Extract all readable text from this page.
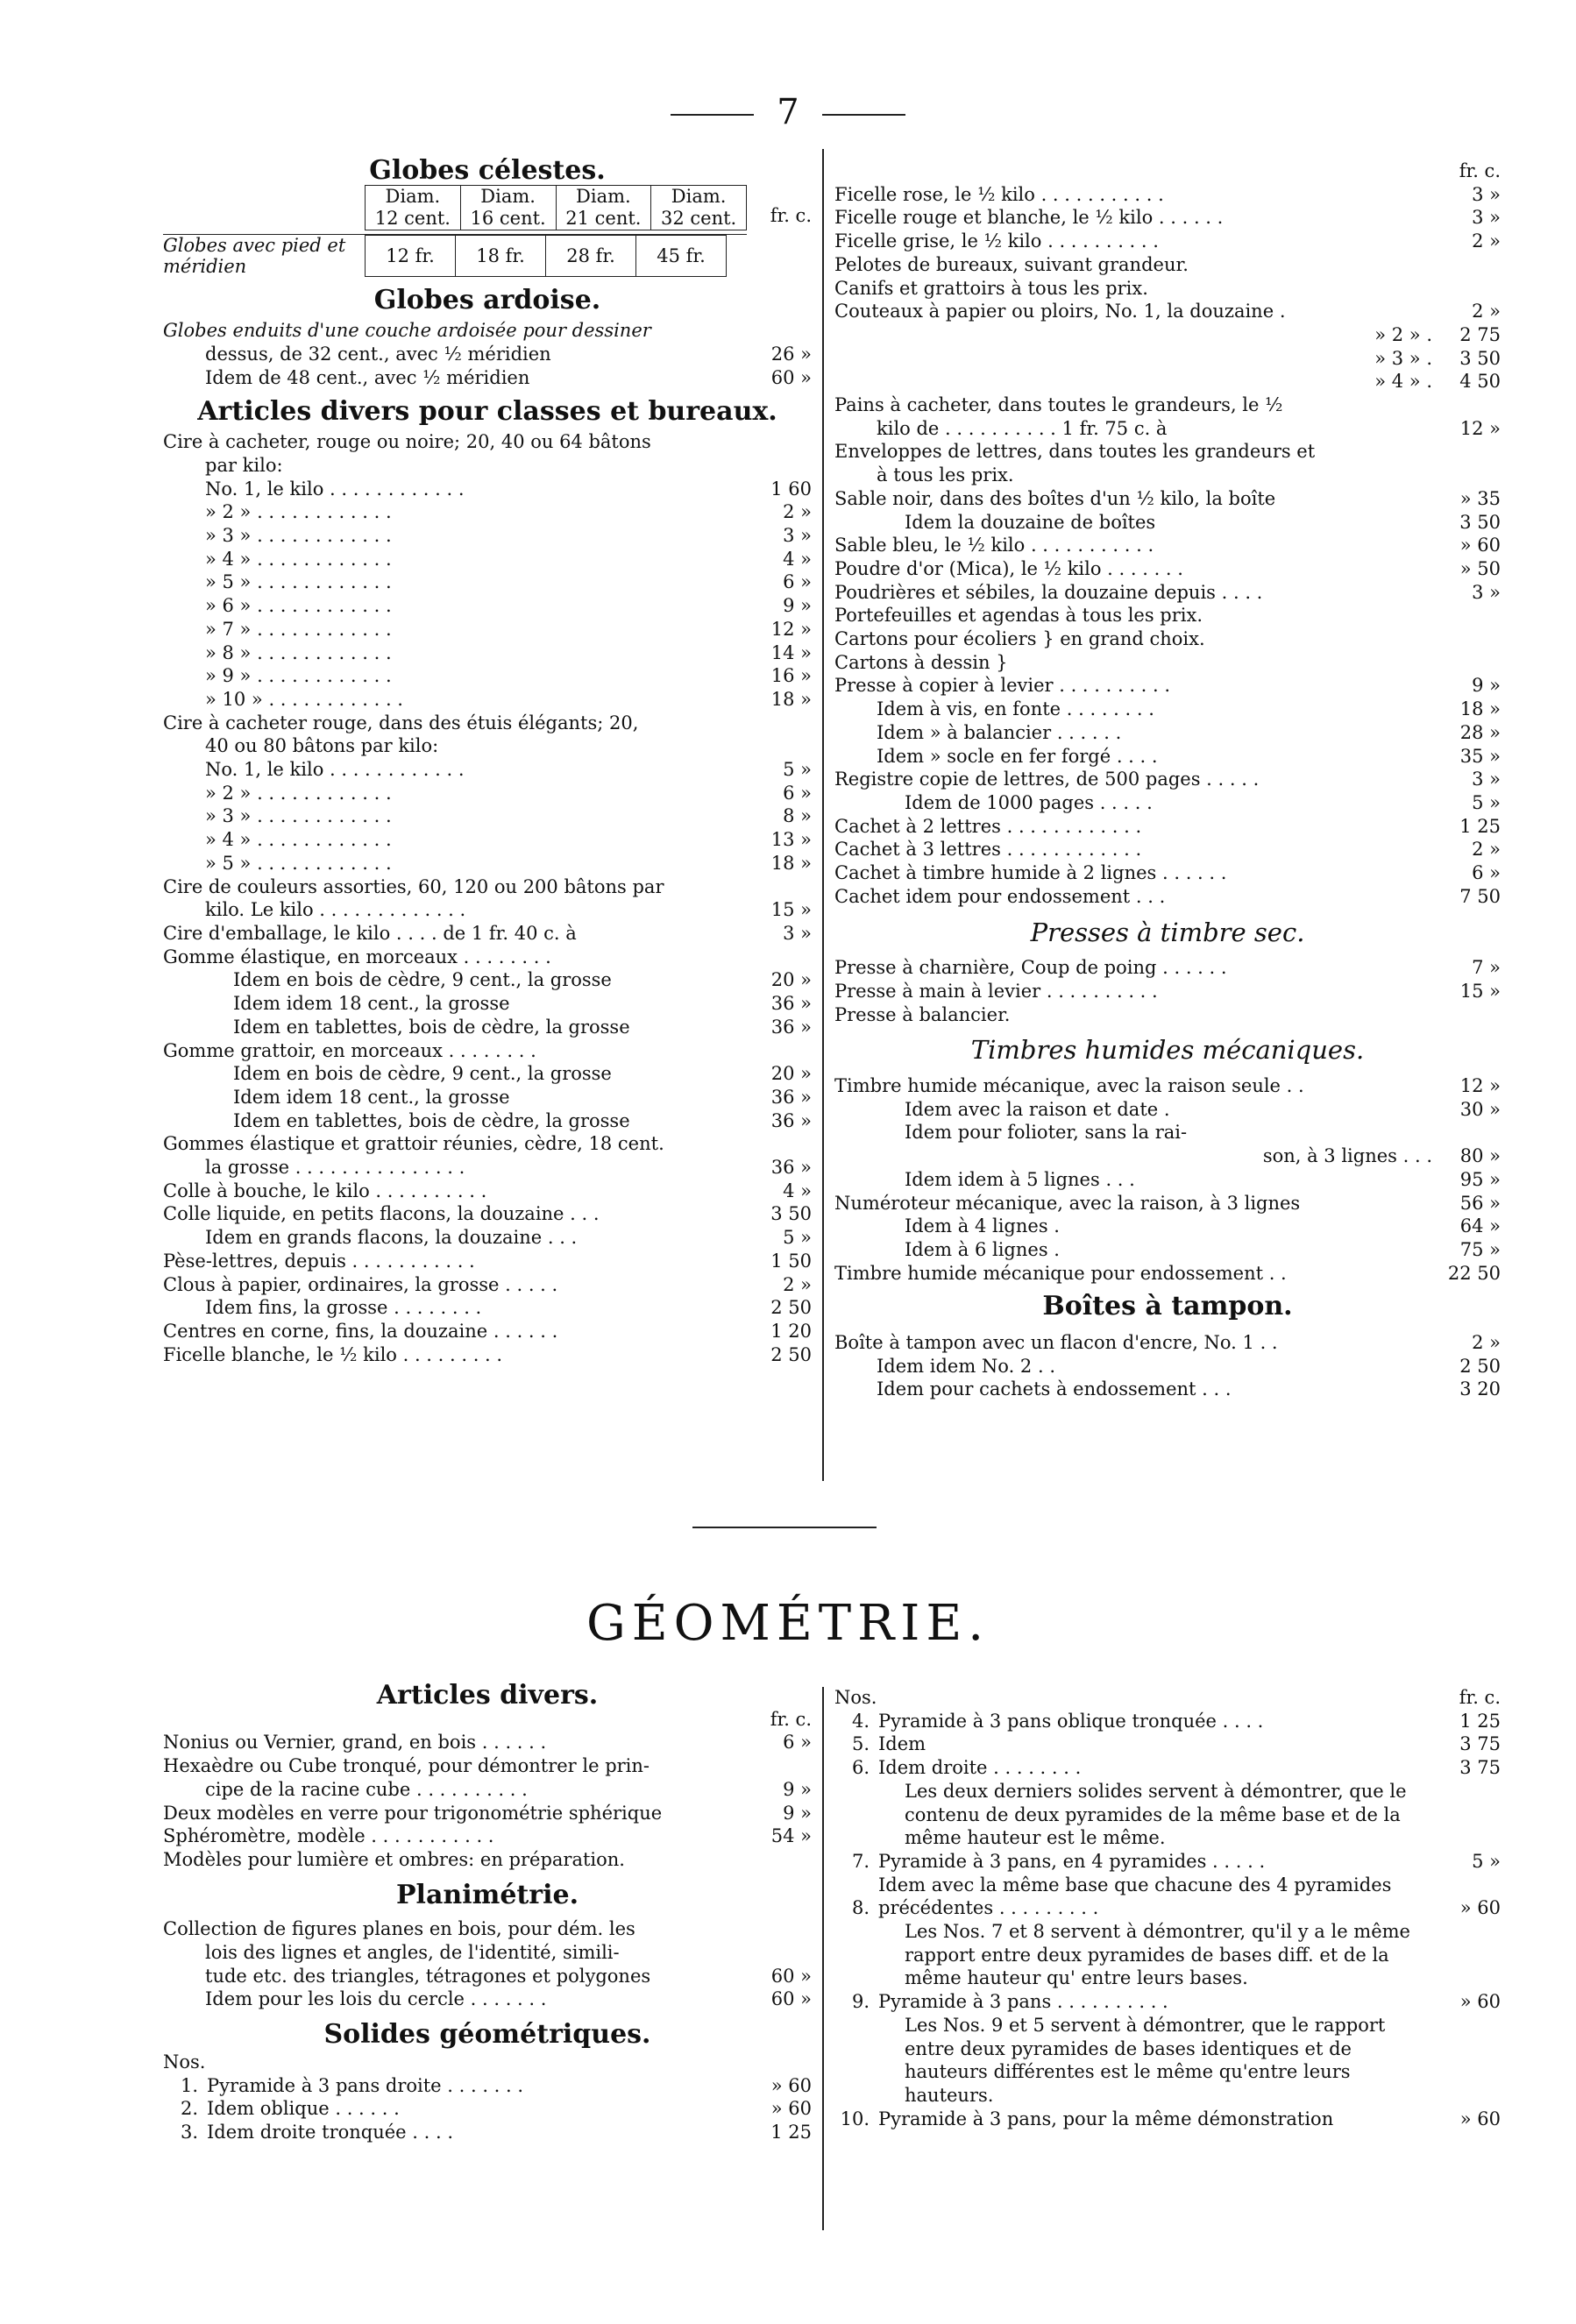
7
Globes célestes.
Diam. 12 cent.	Diam. 16 cent.	Diam. 21 cent.	Diam. 32 cent.
Globes avec pied et méridien	12 fr.	18 fr.	28 fr.	45 fr.
fr. c.
Globes ardoise.
Globes enduits d'une couche ardoisée pour dessiner
dessus, de 32 cent., avec ½ méridien	26 »
Idem de 48 cent., avec ½ méridien	60 »
Articles divers pour classes et bureaux.
Cire à cacheter, rouge ou noire; 20, 40 ou 64 bâtons
par kilo:
No. 1, le kilo . . . . . . . . . . . .	1 60
» 2 » . . . . . . . . . . . .	2 »
» 3 » . . . . . . . . . . . .	3 »
» 4 » . . . . . . . . . . . .	4 »
» 5 » . . . . . . . . . . . .	6 »
» 6 » . . . . . . . . . . . .	9 »
» 7 » . . . . . . . . . . . .	12 »
» 8 » . . . . . . . . . . . .	14 »
» 9 » . . . . . . . . . . . .	16 »
» 10 » . . . . . . . . . . . .	18 »
Cire à cacheter rouge, dans des étuis élégants; 20,
40 ou 80 bâtons par kilo:
No. 1, le kilo . . . . . . . . . . . .	5 »
» 2 » . . . . . . . . . . . .	6 »
» 3 » . . . . . . . . . . . .	8 »
» 4 » . . . . . . . . . . . .	13 »
» 5 » . . . . . . . . . . . .	18 »
Cire de couleurs assorties, 60, 120 ou 200 bâtons par
kilo. Le kilo . . . . . . . . . . . . .	15 »
Cire d'emballage, le kilo . . . . de 1 fr. 40 c. à	3 »
Gomme élastique, en morceaux . . . . . . . .
Idem en bois de cèdre, 9 cent., la grosse	20 »
Idem idem 18 cent., la grosse	36 »
Idem en tablettes, bois de cèdre, la grosse	36 »
Gomme grattoir, en morceaux . . . . . . . .
Idem en bois de cèdre, 9 cent., la grosse	20 »
Idem idem 18 cent., la grosse	36 »
Idem en tablettes, bois de cèdre, la grosse	36 »
Gommes élastique et grattoir réunies, cèdre, 18 cent.
la grosse . . . . . . . . . . . . . . .	36 »
Colle à bouche, le kilo . . . . . . . . . .	4 »
Colle liquide, en petits flacons, la douzaine . . .	3 50
Idem en grands flacons, la douzaine . . .	5 »
Pèse-lettres, depuis . . . . . . . . . . .	1 50
Clous à papier, ordinaires, la grosse . . . . .	2 »
Idem fins, la grosse . . . . . . . .	2 50
Centres en corne, fins, la douzaine . . . . . .	1 20
Ficelle blanche, le ½ kilo . . . . . . . . .	2 50
fr. c.
Ficelle rose, le ½ kilo . . . . . . . . . . .	3 »
Ficelle rouge et blanche, le ½ kilo . . . . . .	3 »
Ficelle grise, le ½ kilo . . . . . . . . . .	2 »
Pelotes de bureaux, suivant grandeur.
Canifs et grattoirs à tous les prix.
Couteaux à papier ou ploirs, No. 1, la douzaine .	2 »
» 2 » .	2 75
» 3 » .	3 50
» 4 » .	4 50
Pains à cacheter, dans toutes le grandeurs, le ½
kilo de . . . . . . . . . . 1 fr. 75 c. à	12 »
Enveloppes de lettres, dans toutes les grandeurs et
à tous les prix.
Sable noir, dans des boîtes d'un ½ kilo, la boîte	» 35
Idem la douzaine de boîtes	3 50
Sable bleu, le ½ kilo . . . . . . . . . . .	» 60
Poudre d'or (Mica), le ½ kilo . . . . . . .	» 50
Poudrières et sébiles, la douzaine depuis . . . .	3 »
Portefeuilles et agendas à tous les prix.
Cartons pour écoliers } en grand choix.
Cartons à dessin }
Presse à copier à levier . . . . . . . . . .	9 »
Idem à vis, en fonte . . . . . . . .	18 »
Idem » à balancier . . . . . .	28 »
Idem » socle en fer forgé . . . .	35 »
Registre copie de lettres, de 500 pages . . . . .	3 »
Idem de 1000 pages . . . . .	5 »
Cachet à 2 lettres . . . . . . . . . . . .	1 25
Cachet à 3 lettres . . . . . . . . . . . .	2 »
Cachet à timbre humide à 2 lignes . . . . . .	6 »
Cachet idem pour endossement . . .	7 50
Presses à timbre sec.
Presse à charnière, Coup de poing . . . . . .	7 »
Presse à main à levier . . . . . . . . . .	15 »
Presse à balancier.
Timbres humides mécaniques.
Timbre humide mécanique, avec la raison seule . .	12 »
Idem avec la raison et date .	30 »
Idem pour folioter, sans la rai-
son, à 3 lignes . . .	80 »
Idem idem à 5 lignes . . .	95 »
Numéroteur mécanique, avec la raison, à 3 lignes	56 »
Idem à 4 lignes .	64 »
Idem à 6 lignes .	75 »
Timbre humide mécanique pour endossement . .	22 50
Boîtes à tampon.
Boîte à tampon avec un flacon d'encre, No. 1 . .	2 »
Idem idem No. 2 . .	2 50
Idem pour cachets à endossement . . .	3 20
GÉOMÉTRIE.
Articles divers.
fr. c.
Nonius ou Vernier, grand, en bois . . . . . .	6 »
Hexaèdre ou Cube tronqué, pour démontrer le prin-
cipe de la racine cube . . . . . . . . . .	9 »
Deux modèles en verre pour trigonométrie sphérique	9 »
Sphéromètre, modèle . . . . . . . . . . .	54 »
Modèles pour lumière et ombres: en préparation.
Planimétrie.
Collection de figures planes en bois, pour dém. les
lois des lignes et angles, de l'identité, simili-
tude etc. des triangles, tétragones et polygones	60 »
Idem pour les lois du cercle . . . . . . .	60 »
Solides géométriques.
Nos.
1. Pyramide à 3 pans droite . . . . . . .	» 60
2. Idem oblique . . . . . .	» 60
3. Idem droite tronquée . . . .	1 25
Nos.	fr. c.
4. Pyramide à 3 pans oblique tronquée . . . .	1 25
5. Idem	3 75
6. Idem droite . . . . . . . .	3 75
Les deux derniers solides servent à démontrer, que le contenu de deux pyramides de la même base et de la même hauteur est le même.
7. Pyramide à 3 pans, en 4 pyramides . . . . .	5 »
8.
Idem avec la même base que chacune des 4 pyramides précédentes . . . . . . . . .	» 60
Les Nos. 7 et 8 servent à démontrer, qu'il y a le même rapport entre deux pyramides de bases diff. et de la même hauteur qu' entre leurs bases.
9. Pyramide à 3 pans . . . . . . . . . .	» 60
Les Nos. 9 et 5 servent à démontrer, que le rapport entre deux pyramides de bases identiques et de hauteurs différentes est le même qu'entre leurs hauteurs.
10. Pyramide à 3 pans, pour la même démonstration	» 60
